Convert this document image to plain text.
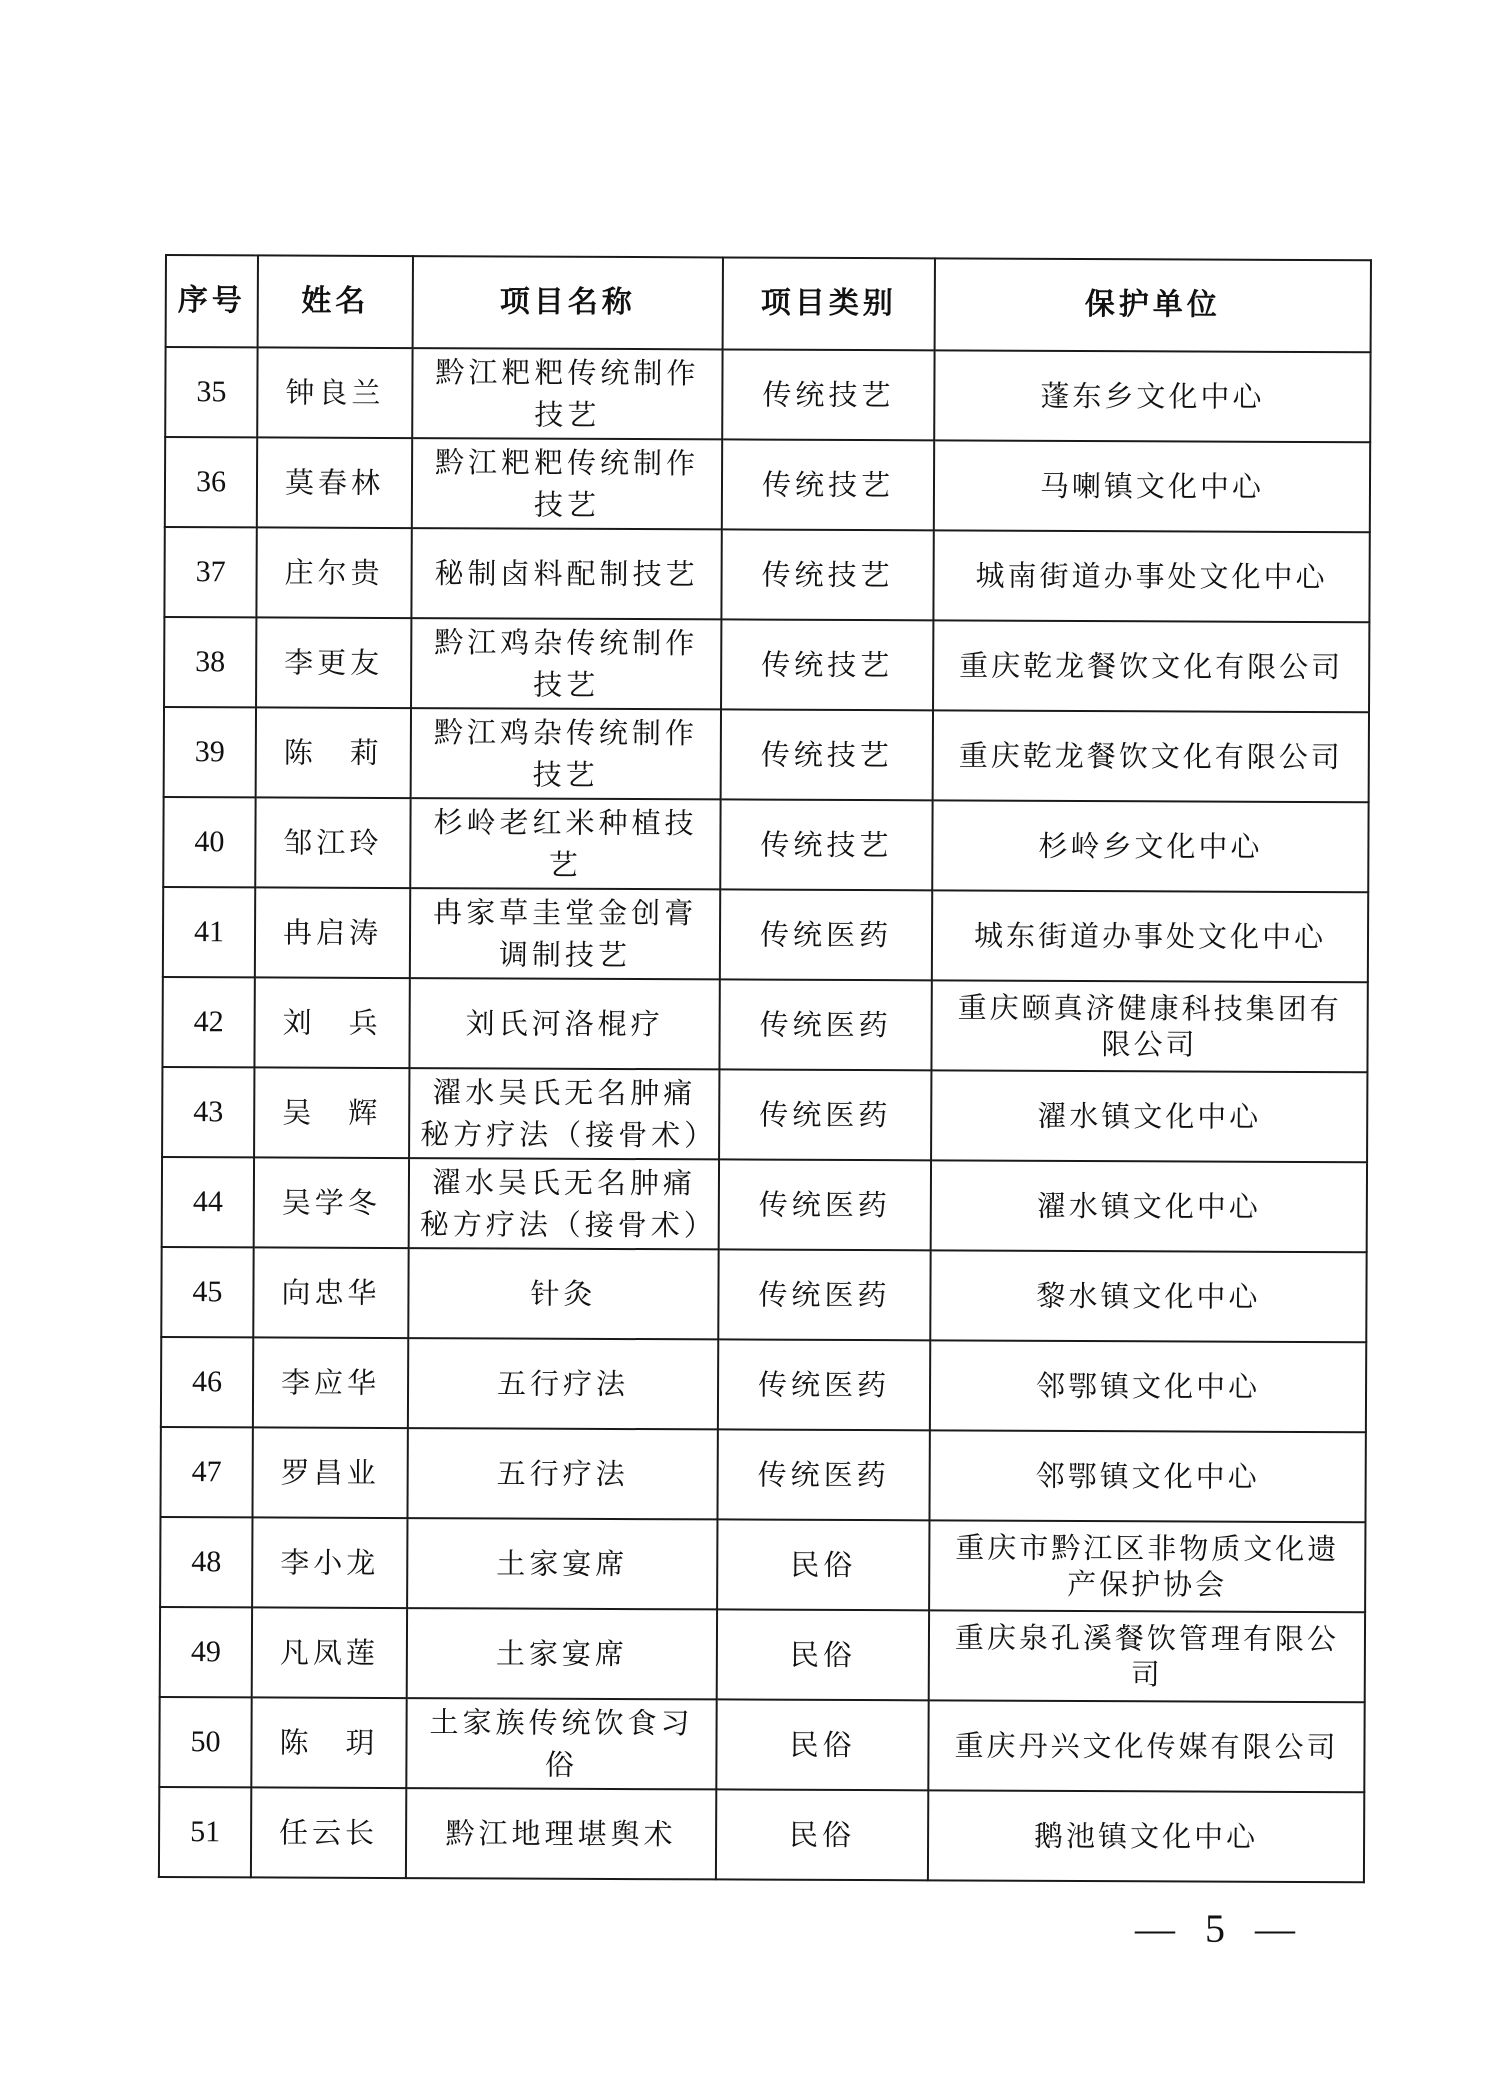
序号	姓名	项目名称	项目类别	保护单位
35	钟良兰	黔江粑粑传统制作技艺	传统技艺	蓬东乡文化中心
36	莫春林	黔江粑粑传统制作技艺	传统技艺	马喇镇文化中心
37	庄尔贵	秘制卤料配制技艺	传统技艺	城南街道办事处文化中心
38	李更友	黔江鸡杂传统制作技艺	传统技艺	重庆乾龙餐饮文化有限公司
39	陈　莉	黔江鸡杂传统制作技艺	传统技艺	重庆乾龙餐饮文化有限公司
40	邹江玲	杉岭老红米种植技艺	传统技艺	杉岭乡文化中心
41	冉启涛	冉家草圭堂金创膏调制技艺	传统医药	城东街道办事处文化中心
42	刘　兵	刘氏河洛棍疗	传统医药	重庆颐真济健康科技集团有限公司
43	吴　辉	濯水吴氏无名肿痛秘方疗法（接骨术）	传统医药	濯水镇文化中心
44	吴学冬	濯水吴氏无名肿痛秘方疗法（接骨术）	传统医药	濯水镇文化中心
45	向忠华	针灸	传统医药	黎水镇文化中心
46	李应华	五行疗法	传统医药	邻鄂镇文化中心
47	罗昌业	五行疗法	传统医药	邻鄂镇文化中心
48	李小龙	土家宴席	民俗	重庆市黔江区非物质文化遗产保护协会
49	凡凤莲	土家宴席	民俗	重庆泉孔溪餐饮管理有限公司
50	陈　玥	土家族传统饮食习俗	民俗	重庆丹兴文化传媒有限公司
51	任云长	黔江地理堪舆术	民俗	鹅池镇文化中心
— 5 —
